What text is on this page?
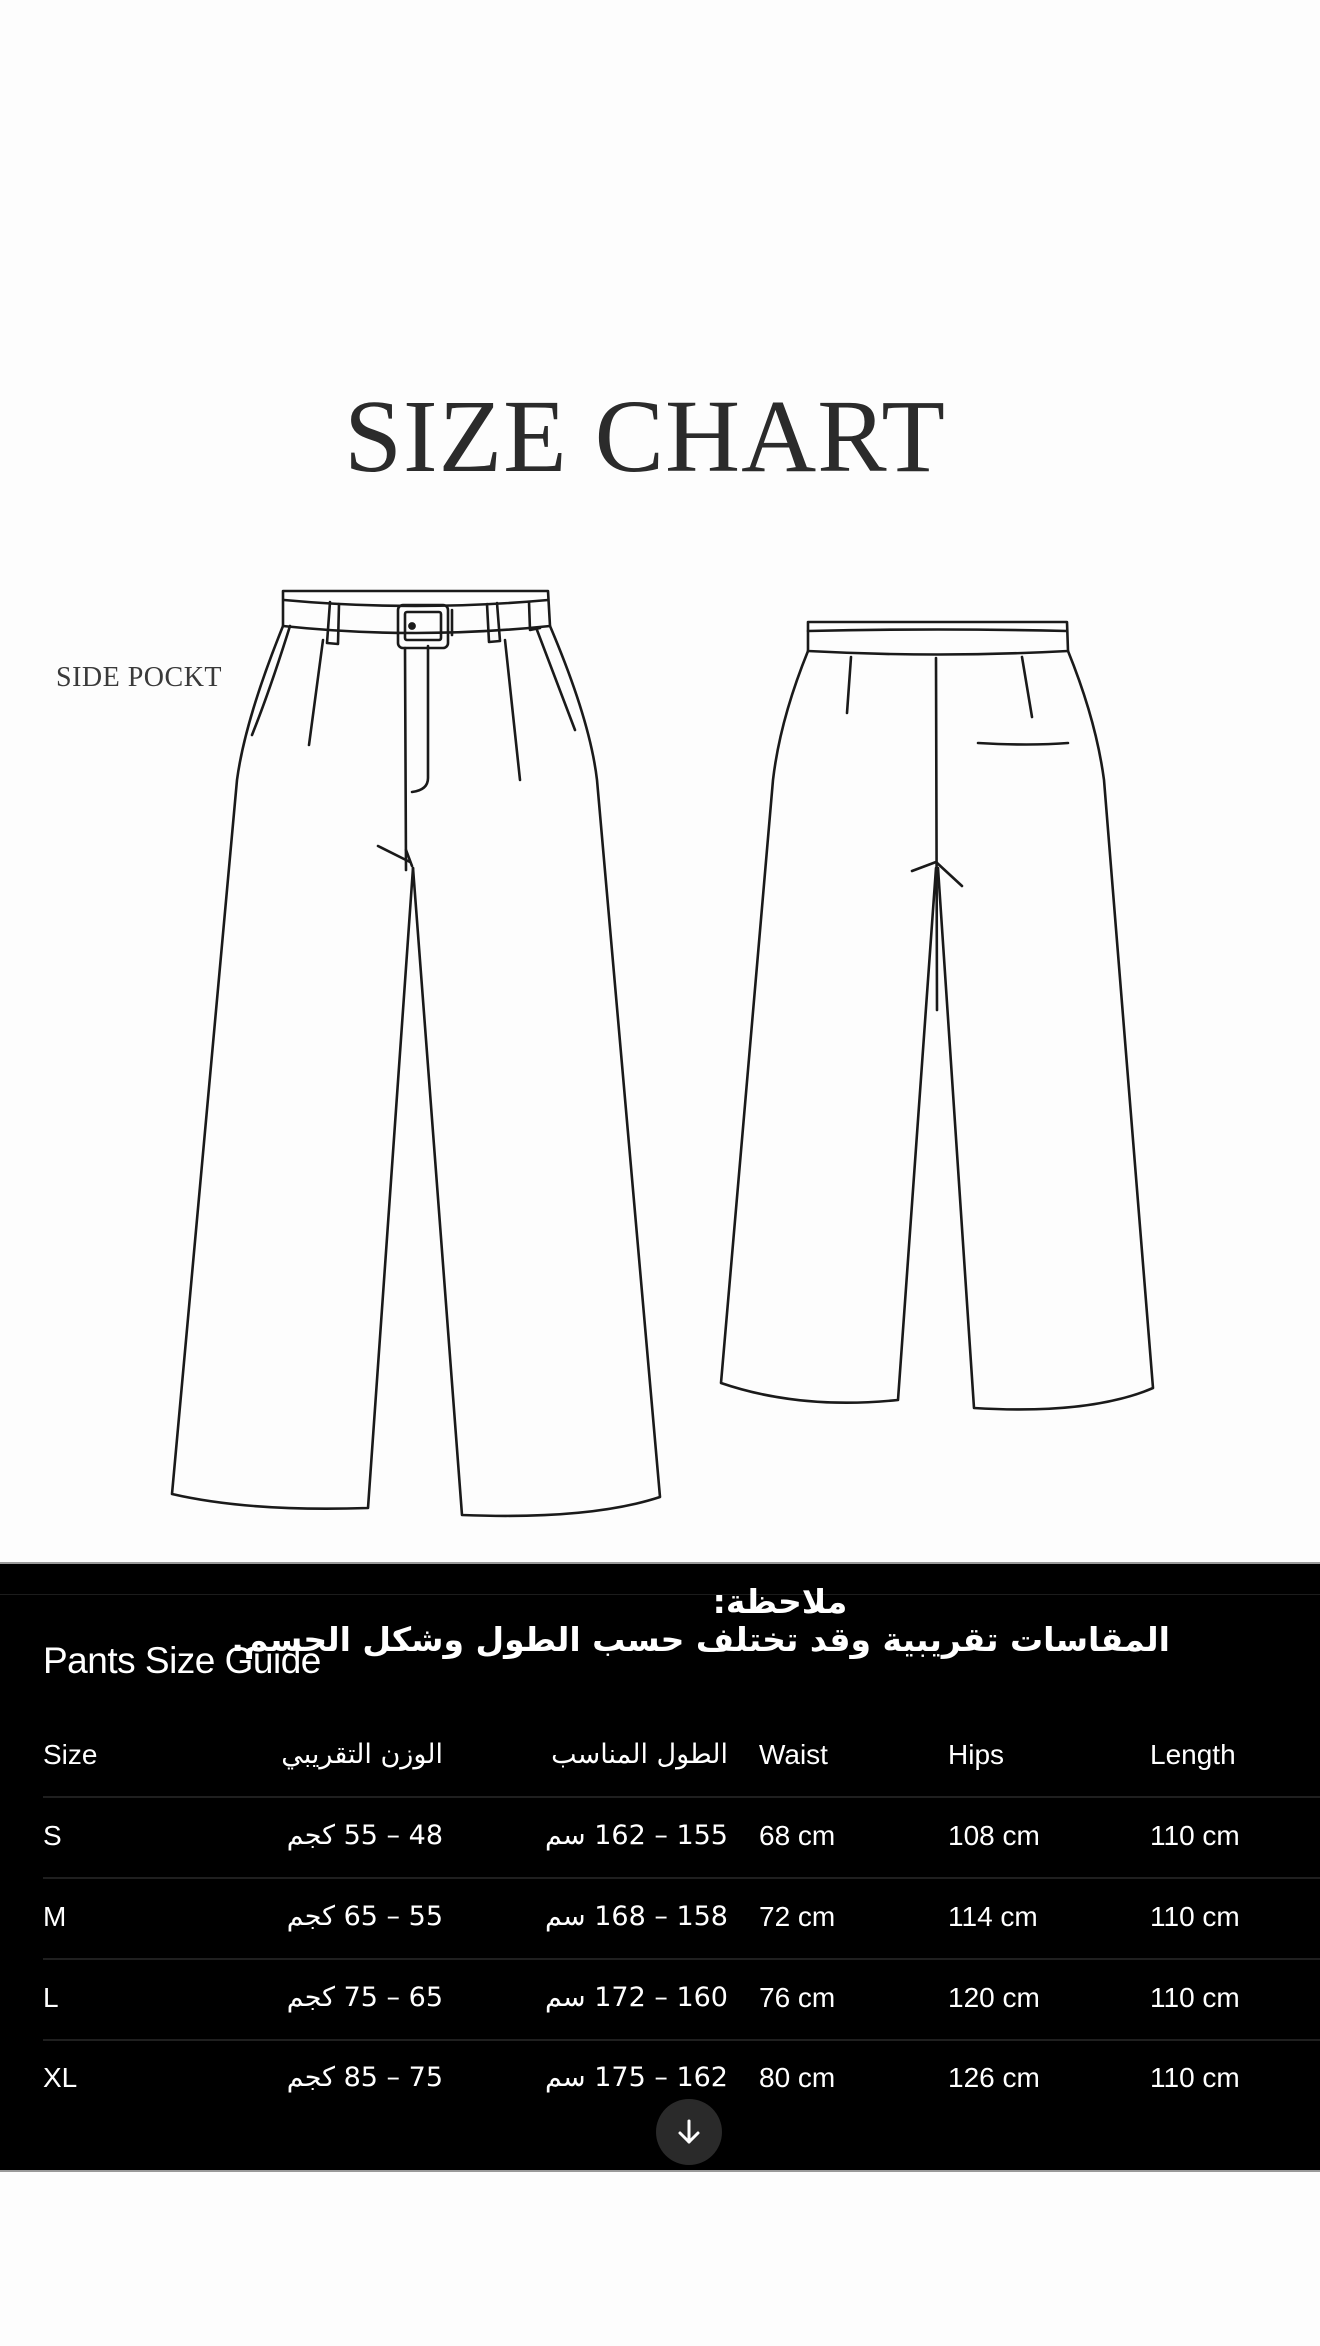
SIZE CHART
SIDE POCKT
ملاحظة:
المقاسات تقريبية وقد تختلف حسب الطول وشكل الجسم.
Pants Size Guide
Size	الوزن التقريبي	الطول المناسب Waist	Hips	Length
S	48 – 55 كجم	155 – 162 سم 68 cm	108 cm	110 cm
M	55 – 65 كجم	158 – 168 سم 72 cm	114 cm	110 cm
L	65 – 75 كجم	160 – 172 سم 76 cm	120 cm	110 cm
XL	75 – 85 كجم	162 – 175 سم 80 cm	126 cm	110 cm
